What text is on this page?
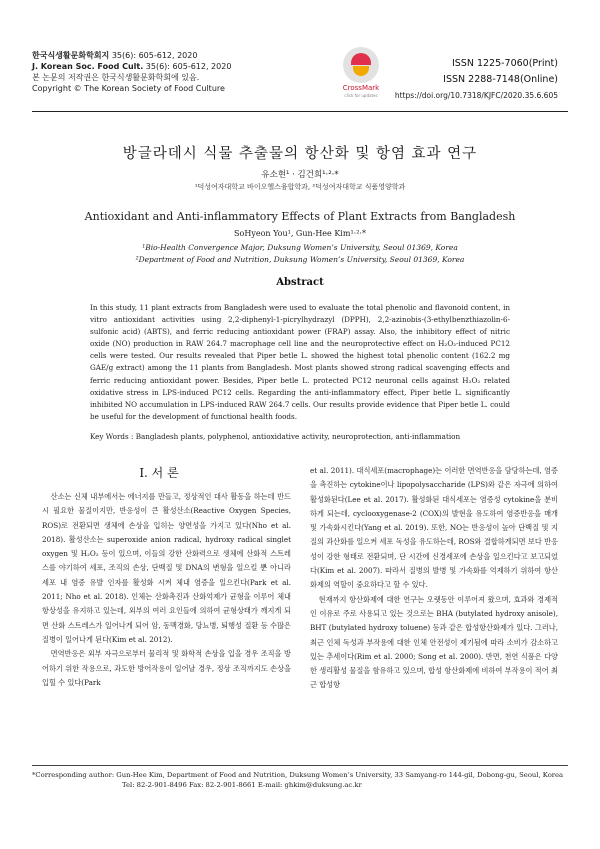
한국식생활문화학회지 35(6): 605-612, 2020
J. Korean Soc. Food Cult. 35(6): 605-612, 2020
본 논문의 저작권은 한국식생활문화학회에 있음.
Copyright © The Korean Society of Food Culture	CrossMark
click for updates
ISSN 1225-7060(Print)
ISSN 2288-7148(Online)
https://doi.org/10.7318/KJFC/2020.35.6.605
방글라데시 식물 추출물의 항산화 및 항염 효과 연구
유소현¹ · 김건희¹·²·*
¹덕성여자대학교 바이오헬스융합학과, ²덕성여자대학교 식품영양학과
Antioxidant and Anti-inflammatory Effects of Plant Extracts from Bangladesh
SoHyeon You¹, Gun-Hee Kim¹·²·*
¹Bio-Health Convergence Major, Duksung Women’s University, Seoul 01369, Korea
²Department of Food and Nutrition, Duksung Women’s University, Seoul 01369, Korea
Abstract
In this study, 11 plant extracts from Bangladesh were used to evaluate the total phenolic and flavonoid content, in vitro antioxidant activities using 2,2-diphenyl-1-picrylhydrazyl (DPPH), 2,2-azinobis-(3-ethylbenzthiazolin-6-sulfonic acid) (ABTS), and ferric reducing antioxidant power (FRAP) assay. Also, the inhibitory effect of nitric oxide (NO) production in RAW 264.7 macrophage cell line and the neuroprotective effect on H₂O₂-induced PC12 cells were tested. Our results revealed that Piper betle L. showed the highest total phenolic content (162.2 mg GAE/g extract) among the 11 plants from Bangladesh. Most plants showed strong radical scavenging effects and ferric reducing antioxidant power. Besides, Piper betle L. protected PC12 neuronal cells against H₂O₂ related oxidative stress in LPS-induced PC12 cells. Regarding the anti-inflammatory effect, Piper betle L. significantly inhibited NO accumulation in LPS-induced RAW 264.7 cells. Our results provide evidence that Piper betle L. could be useful for the development of functional health foods.
Key Words : Bangladesh plants, polyphenol, antioxidative activity, neuroprotection, anti-inflammation
Ⅰ. 서 론

산소는 신체 내부에서는 에너지를 만들고, 정상적인 대사 활동을 하는데 반드시 필요한 물질이지만, 반응성이 큰 활성산소(Reactive Oxygen Species, ROS)로 전환되면 생체에 손상을 입히는 양면성을 가지고 있다(Nho et al. 2018). 활성산소는 superoxide anion radical, hydroxy radical singlet oxygen 및 H₂O₂ 등이 있으며, 이들의 강한 산화력으로 생체에 산화적 스트레스를 야기하여 세포, 조직의 손상, 단백질 및 DNA의 변형을 일으킬 뿐 아니라 세포 내 염증 유발 인자를 활성화 시켜 체내 염증을 일으킨다(Park et al. 2011; Nho et al. 2018). 인체는 산화촉진과 산화억제가 균형을 이루어 체내 항상성을 유지하고 있는데, 외부의 여러 요인들에 의하여 균형상태가 깨지게 되면 산화 스트레스가 일어나게 되어 암, 동맥경화, 당뇨병, 퇴행성 질환 등 수많은 질병이 일어나게 된다(Kim et al. 2012).

면역반응은 외부 자극으로부터 물리적 및 화학적 손상을 입을 경우 조직을 방어하기 위한 작용으로, 과도한 방어작용이 일어날 경우, 정상 조직까지도 손상을 입힐 수 있다(Park

et al. 2011). 대식세포(macrophage)는 이러한 면역반응을 담당하는데, 염증을 촉진하는 cytokine이나 lipopolysaccharide (LPS)와 같은 자극에 의하여 활성화된다(Lee et al. 2017). 활성화된 대식세포는 염증성 cytokine을 분비하게 되는데, cyclooxygenase-2 (COX)의 발현을 유도하여 염증반응을 매개 및 가속화시킨다(Yang et al. 2019). 또한, NO는 반응성이 높아 단백질 및 지질의 과산화를 일으켜 세포 독성을 유도하는데, ROS와 결합하게되면 보다 반응성이 강한 형태로 전환되며, 단 시간에 신경세포에 손상을 일으킨다고 보고되었다(Kim et al. 2007). 따라서 질병의 발병 및 가속화를 억제하기 위하여 항산화제의 역할이 중요하다고 할 수 있다.

현재까지 항산화제에 대한 연구는 오랫동안 이루어져 왔으며, 효과와 경제적인 이유로 주로 사용되고 있는 것으로는 BHA (butylated hydroxy anisole), BHT (butylated hydroxy toluene) 등과 같은 합성항산화제가 있다. 그러나, 최근 인체 독성과 부작용에 대한 인체 안전성이 제기됨에 따라 소비가 감소하고 있는 추세이다(Rim et al. 2000; Song et al. 2000). 반면, 천연 식품은 다양한 생리활성 물질을 함유하고 있으며, 합성 항산화제에 비하여 부작용이 적어 최근 합성항

*Corresponding author: Gun-Hee Kim, Department of Food and Nutrition, Duksung Women’s University, 33 Samyang-ro 144-gil, Dobong-gu, Seoul, Korea
Tel: 82-2-901-8496 Fax: 82-2-901-8661 E-mail: ghkim@duksung.ac.kr
